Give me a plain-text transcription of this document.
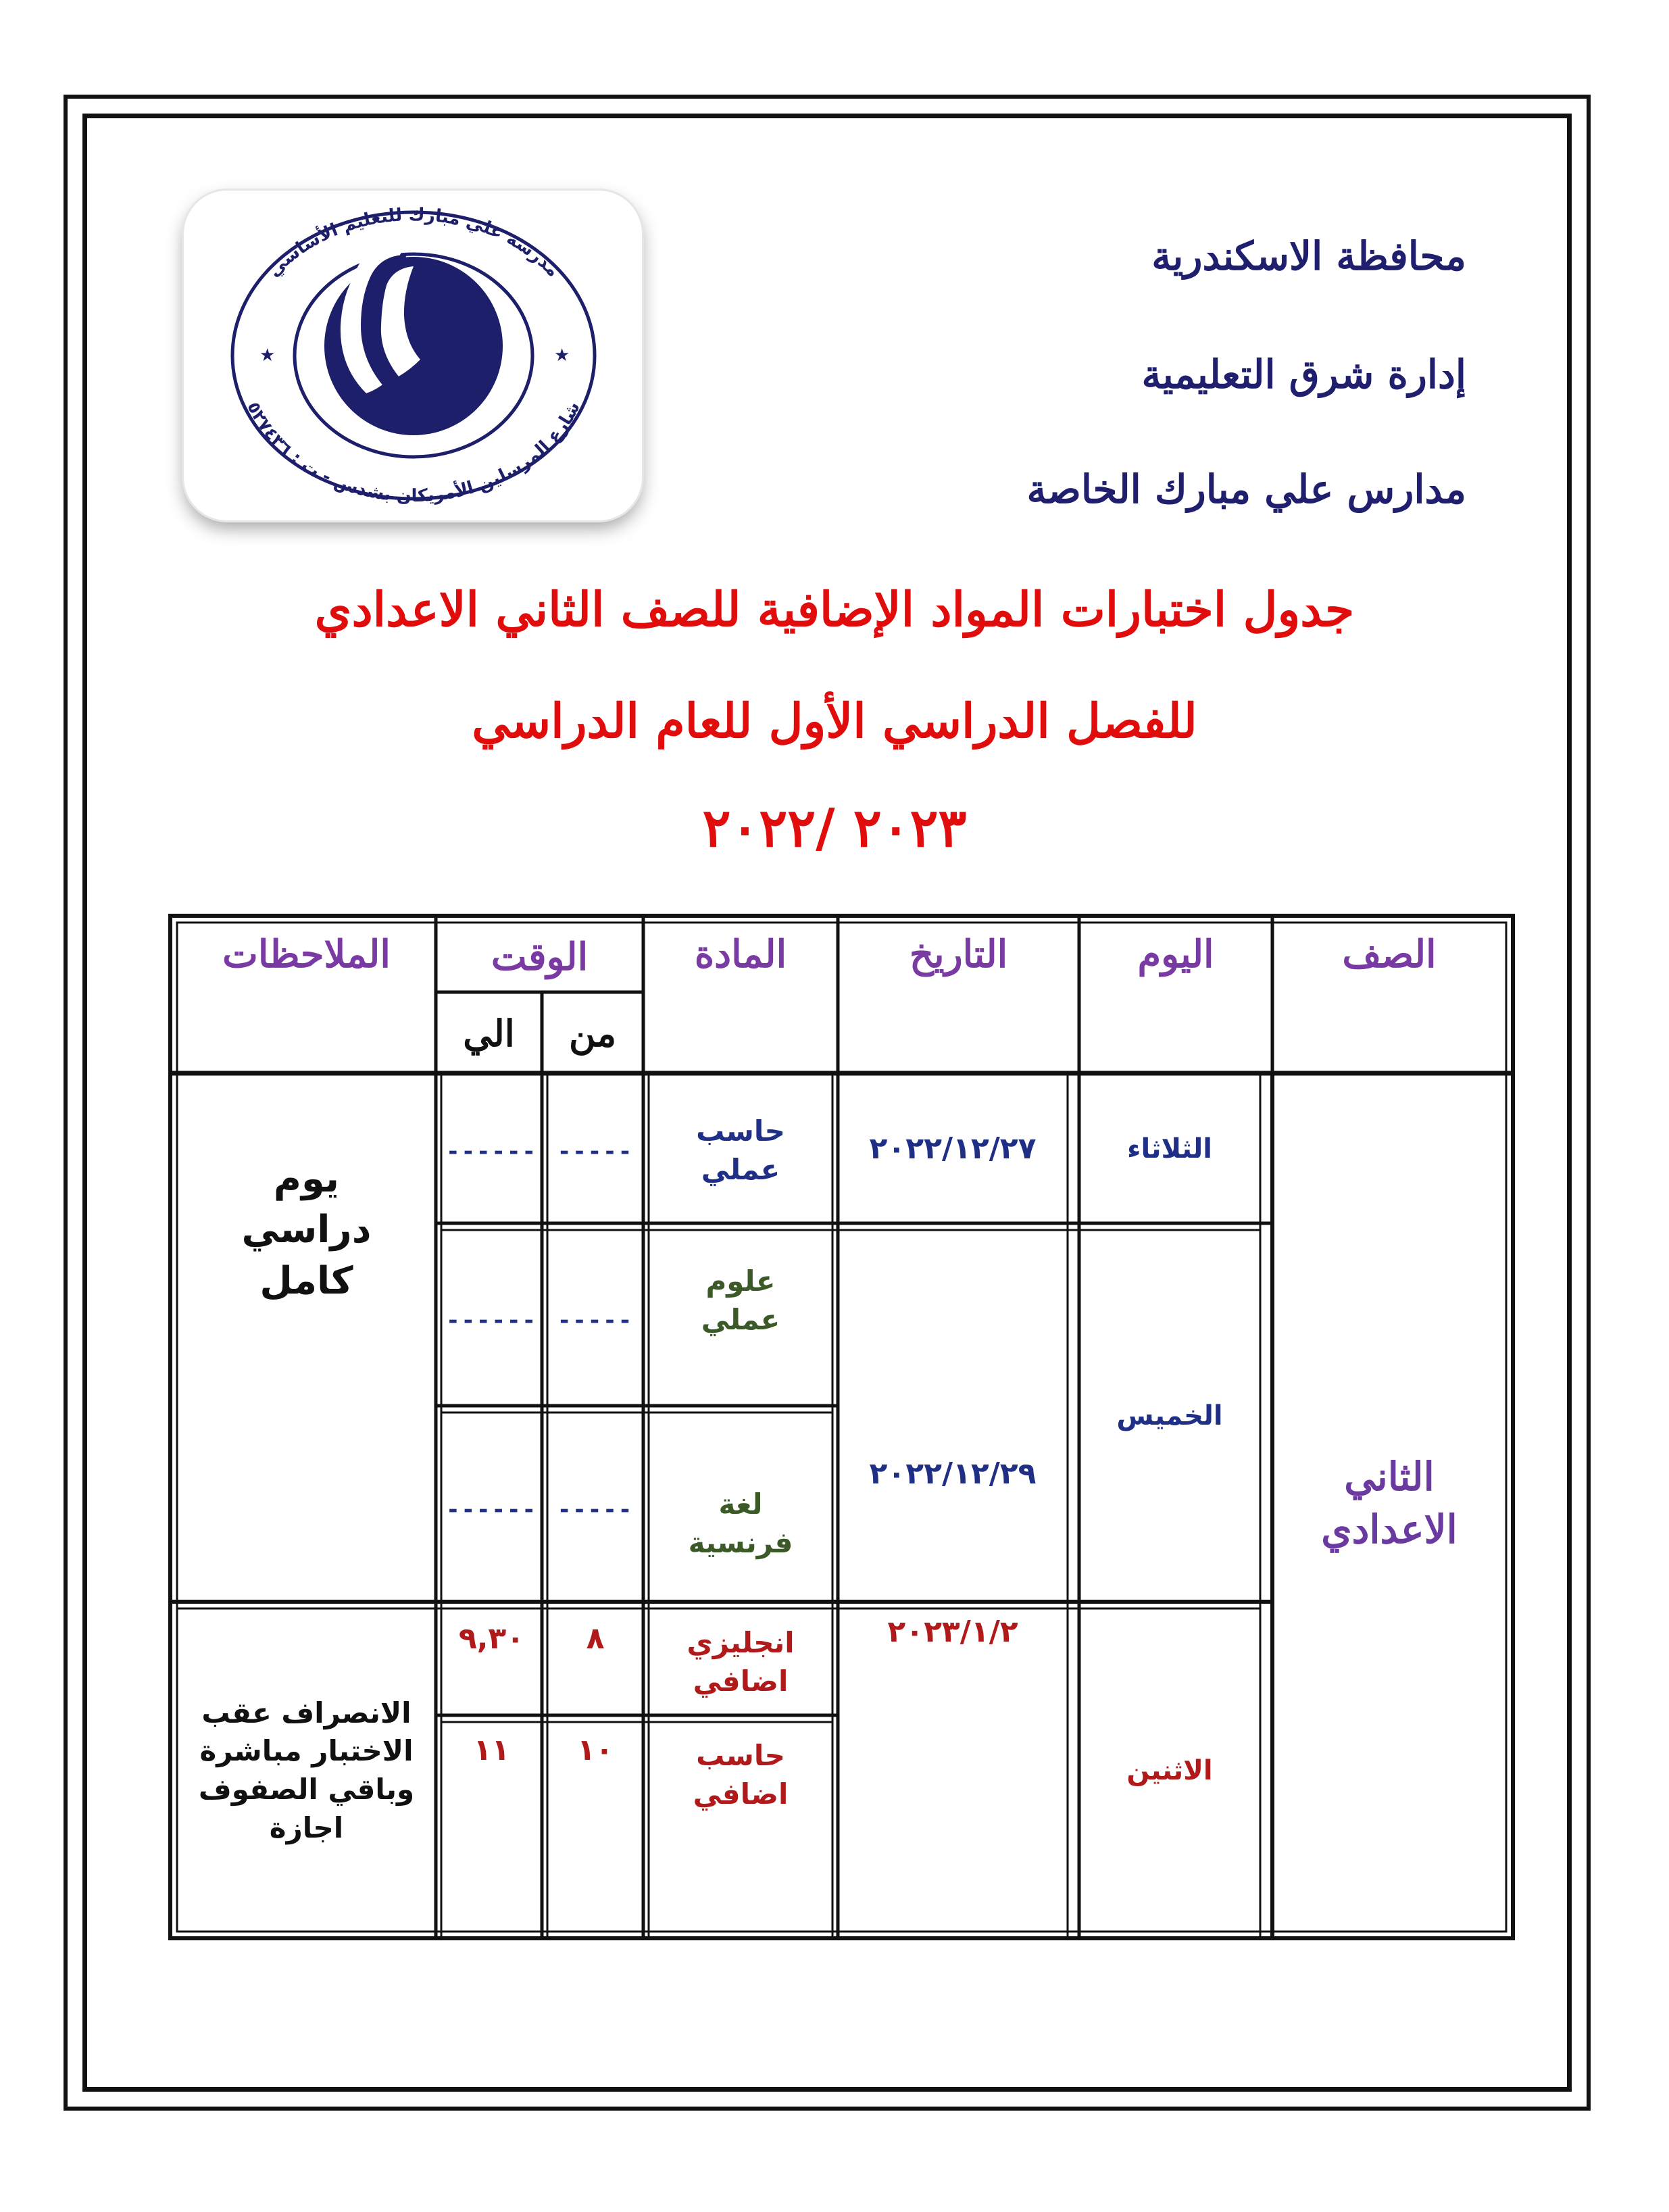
محافظة الاسكندرية
إدارة شرق التعليمية
مدارس علي مبارك الخاصة
مدرسة علي مبارك للتعليم الأساسي
شارع المرسلين الأمريكان بشدس - ت : ٥٢٧٤٣٦
★	★
جدول اختبارات المواد الإضافية للصف الثاني الاعدادي
للفصل الدراسي الأول للعام الدراسي
٢٠٢٣ /٢٠٢٢
الصف
اليوم
التاريخ
المادة
الوقت
من
الي
الملاحظات
الثاني الاعدادي
الثلاثاء
الخميس
الاثنين
٢٠٢٢/١٢/٢٧
٢٠٢٢/١٢/٢٩
٢٠٢٣/١/٢
حاسب عملي
علوم عملي
لغة فرنسية
انجليزي اضافي
حاسب اضافي
-----
-----
-----
٨
١٠
------
------
------
٩,٣٠
١١
يوم دراسي كامل
الانصراف عقب الاختبار مباشرة وباقي الصفوف اجازة
